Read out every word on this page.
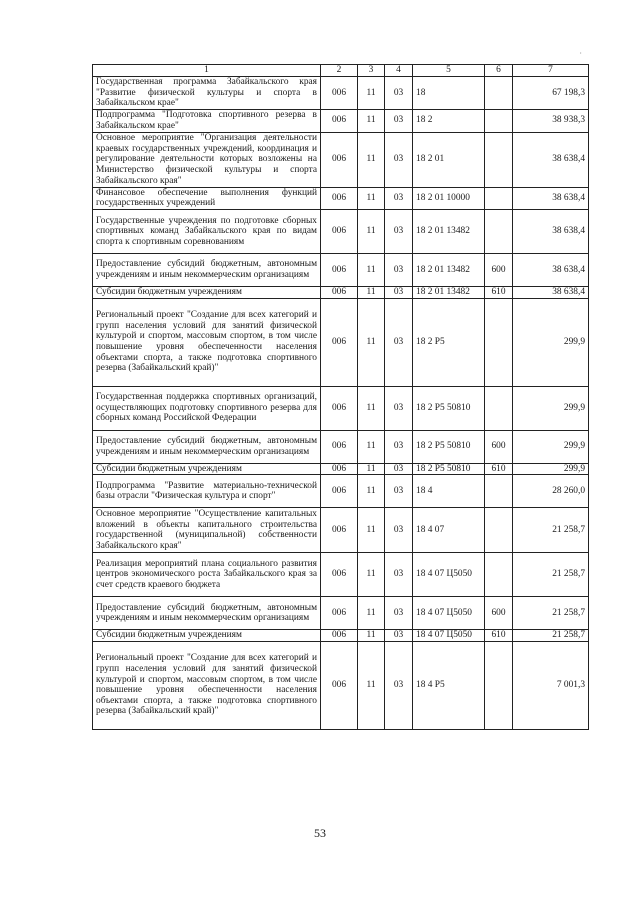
·
1	2	3	4	5	6	7
Государственная программа Забайкальского края "Развитие физической культуры и спорта в Забайкальском крае"	006	11	03	18		67 198,3
Подпрограмма "Подготовка спортивного резерва в Забайкальском крае"	006	11	03	18 2		38 938,3
Основное мероприятие "Организация деятельности краевых государственных учреждений, координация и регулирование деятельности которых возложены на Министерство физической культуры и спорта Забайкальского края"	006	11	03	18 2 01		38 638,4
Финансовое обеспечение выполнения функций государственных учреждений	006	11	03	18 2 01 10000		38 638,4
Государственные учреждения по подготовке сборных спортивных команд Забайкальского края по видам спорта к спортивным соревнованиям	006	11	03	18 2 01 13482		38 638,4
Предоставление субсидий бюджетным, автономным учреждениям и иным некоммерческим организациям	006	11	03	18 2 01 13482	600	38 638,4
Субсидии бюджетным учреждениям	006	11	03	18 2 01 13482	610	38 638,4
Региональный проект "Создание для всех категорий и групп населения условий для занятий физической культурой и спортом, массовым спортом, в том числе повышение уровня обеспеченности населения объектами спорта, а также подготовка спортивного резерва (Забайкальский край)"	006	11	03	18 2 P5		299,9
Государственная поддержка спортивных организаций, осуществляющих подготовку спортивного резерва для сборных команд Российской Федерации	006	11	03	18 2 P5 50810		299,9
Предоставление субсидий бюджетным, автономным учреждениям и иным некоммерческим организациям	006	11	03	18 2 P5 50810	600	299,9
Субсидии бюджетным учреждениям	006	11	03	18 2 P5 50810	610	299,9
Подпрограмма "Развитие материально-технической базы отрасли "Физическая культура и спорт"	006	11	03	18 4		28 260,0
Основное мероприятие "Осуществление капитальных вложений в объекты капитального строительства государственной (муниципальной) собственности Забайкальского края"	006	11	03	18 4 07		21 258,7
Реализация мероприятий плана социального развития центров экономического роста Забайкальского края за счет средств краевого бюджета	006	11	03	18 4 07 Ц5050		21 258,7
Предоставление субсидий бюджетным, автономным учреждениям и иным некоммерческим организациям	006	11	03	18 4 07 Ц5050	600	21 258,7
Субсидии бюджетным учреждениям	006	11	03	18 4 07 Ц5050	610	21 258,7
Региональный проект "Создание для всех категорий и групп населения условий для занятий физической культурой и спортом, массовым спортом, в том числе повышение уровня обеспеченности населения объектами спорта, а также подготовка спортивного резерва (Забайкальский край)"	006	11	03	18 4 P5		7 001,3
53
